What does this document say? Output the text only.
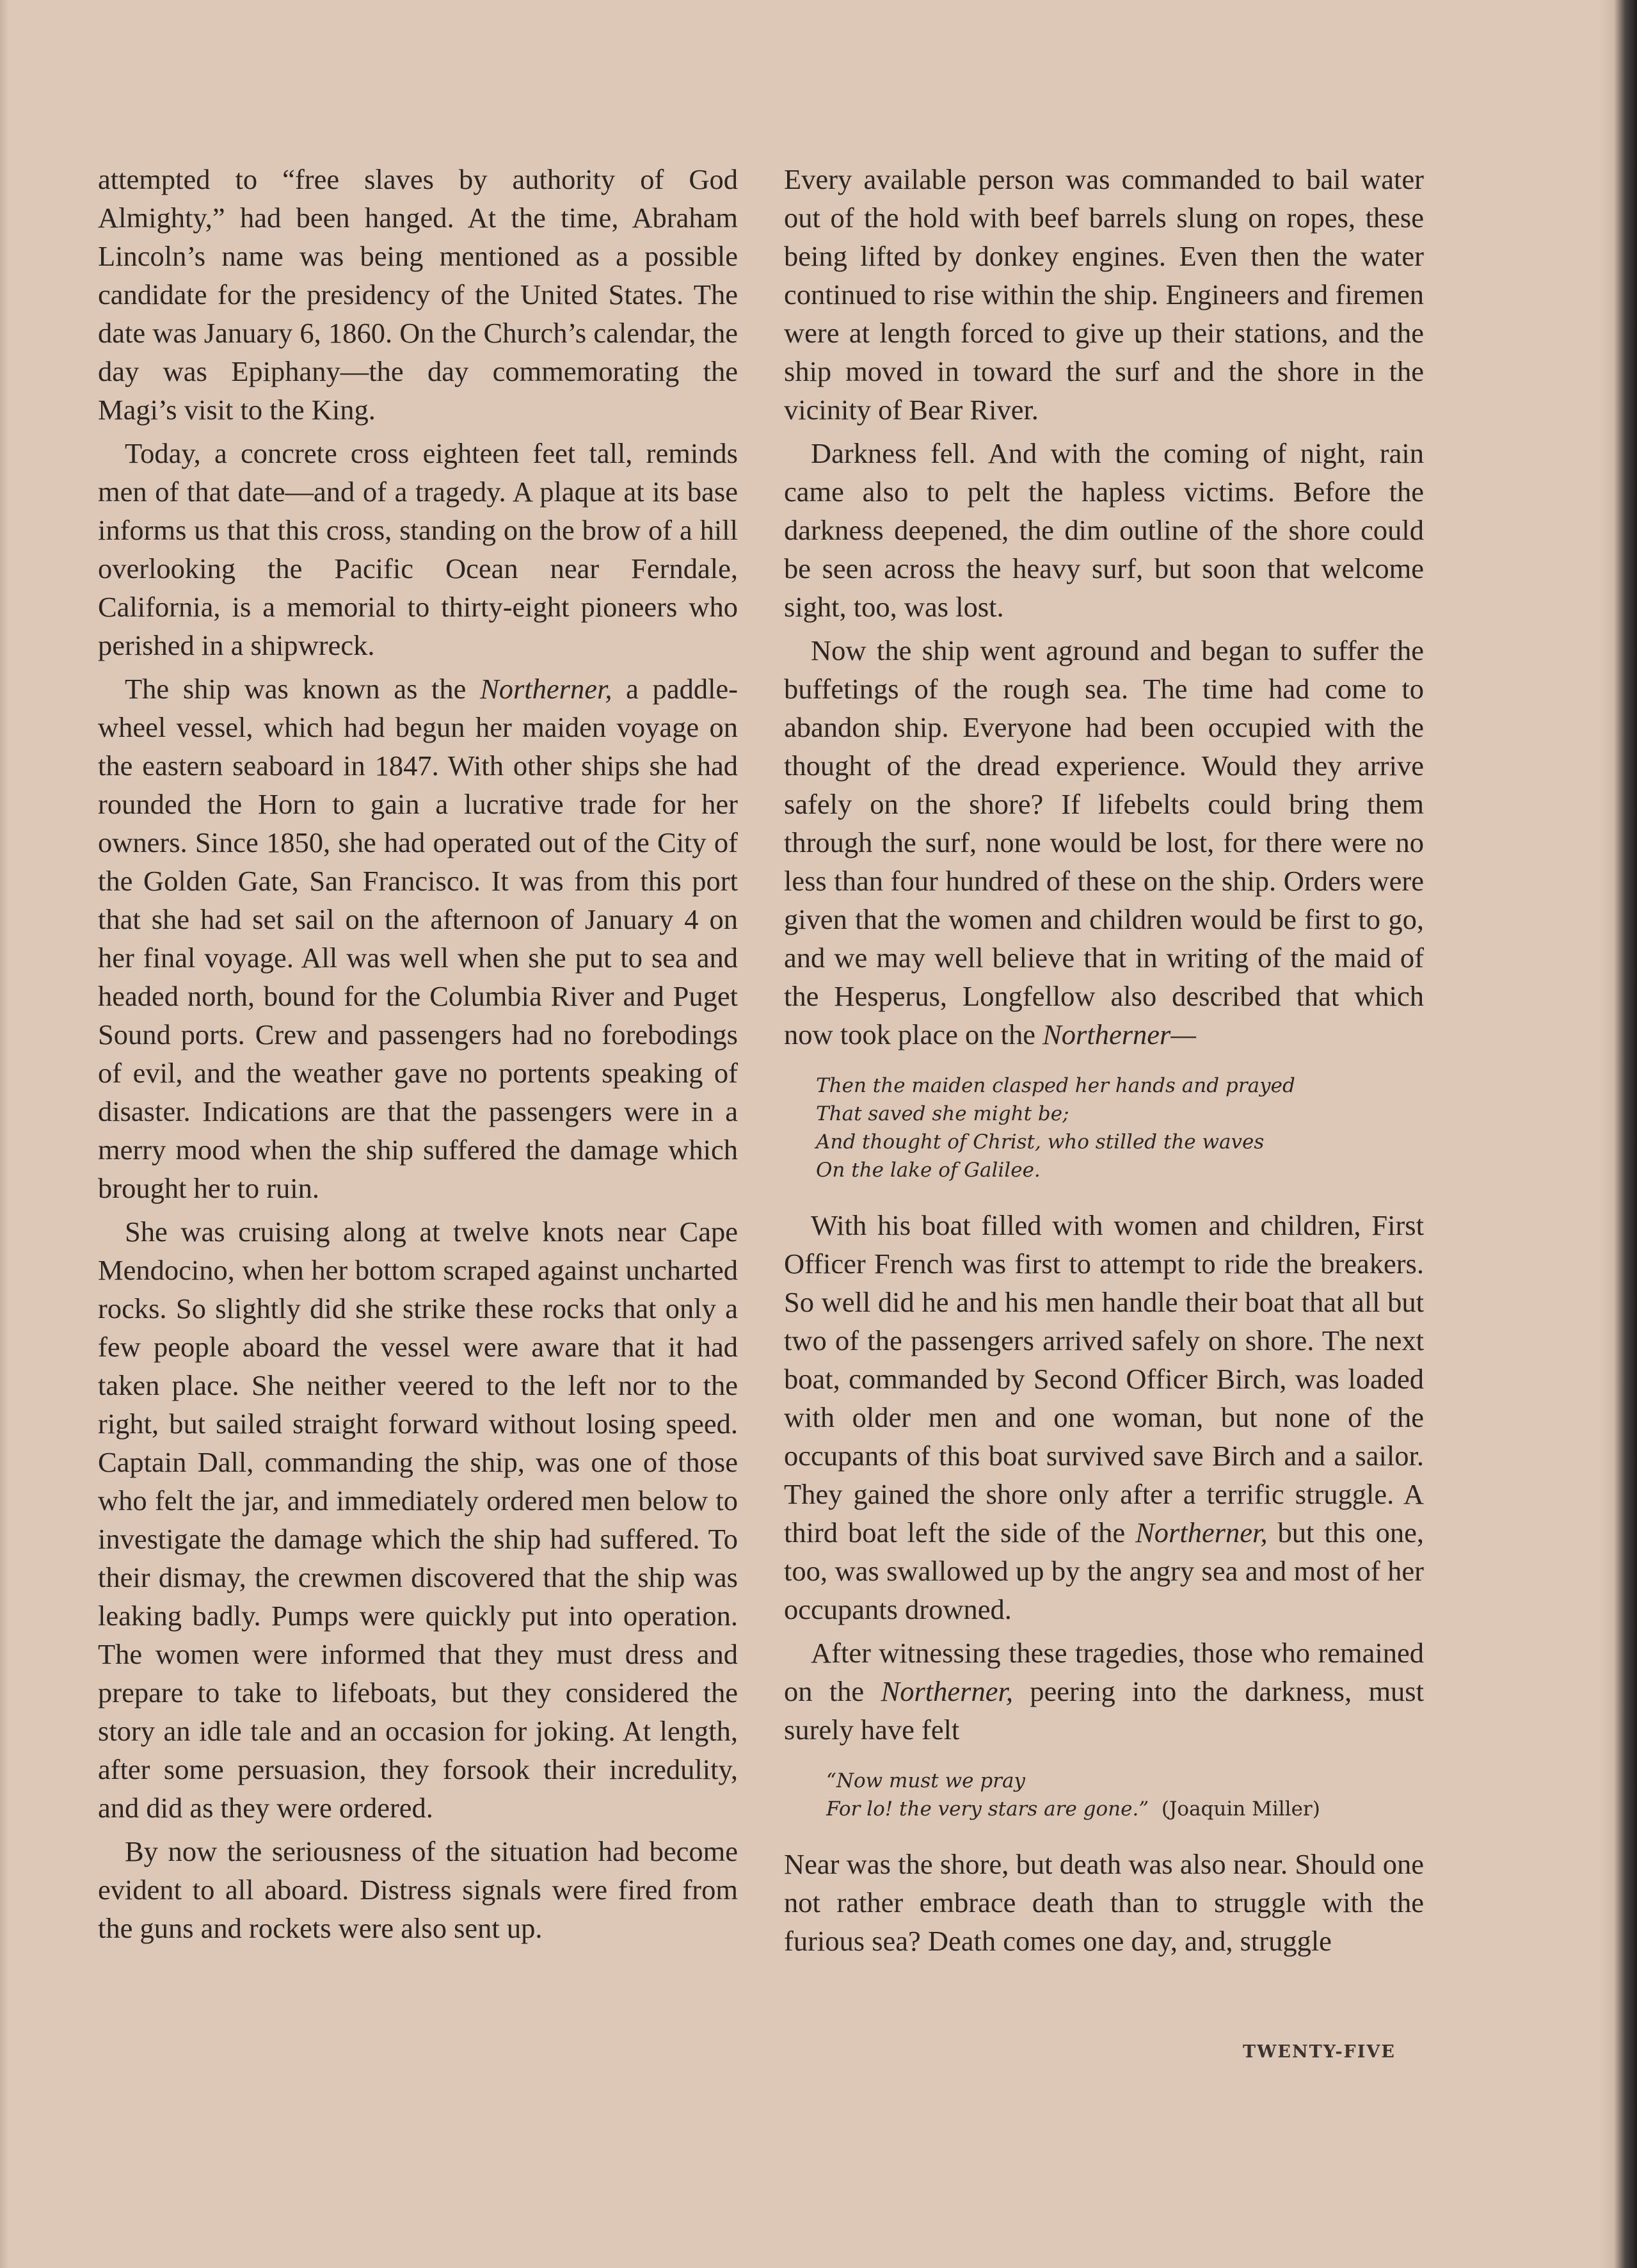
attempted to “free slaves by authority of God Almighty,” had been hanged. At the time, Abraham Lincoln’s name was being mentioned as a possible candidate for the presidency of the United States. The date was January 6, 1860. On the Church’s calendar, the day was Epiphany—the day commemorating the Magi’s visit to the King.

Today, a concrete cross eighteen feet tall, reminds men of that date—and of a tragedy. A plaque at its base informs us that this cross, standing on the brow of a hill overlooking the Pacific Ocean near Ferndale, California, is a memorial to thirty-eight pioneers who perished in a shipwreck.

The ship was known as the Northerner, a paddle-wheel vessel, which had begun her maiden voyage on the eastern seaboard in 1847. With other ships she had rounded the Horn to gain a lucrative trade for her owners. Since 1850, she had operated out of the City of the Golden Gate, San Francisco. It was from this port that she had set sail on the afternoon of January 4 on her final voyage. All was well when she put to sea and headed north, bound for the Columbia River and Puget Sound ports. Crew and passengers had no forebodings of evil, and the weather gave no portents speaking of disaster. Indications are that the passengers were in a merry mood when the ship suffered the damage which brought her to ruin.

She was cruising along at twelve knots near Cape Mendocino, when her bottom scraped against uncharted rocks. So slightly did she strike these rocks that only a few people aboard the vessel were aware that it had taken place. She neither veered to the left nor to the right, but sailed straight forward without losing speed. Captain Dall, commanding the ship, was one of those who felt the jar, and immediately ordered men below to investigate the damage which the ship had suffered. To their dismay, the crewmen discovered that the ship was leaking badly. Pumps were quickly put into operation. The women were informed that they must dress and prepare to take to lifeboats, but they considered the story an idle tale and an occasion for joking. At length, after some persuasion, they forsook their incredulity, and did as they were ordered.

By now the seriousness of the situation had become evident to all aboard. Distress signals were fired from the guns and rockets were also sent up.

Every available person was commanded to bail water out of the hold with beef barrels slung on ropes, these being lifted by donkey engines. Even then the water continued to rise within the ship. Engineers and firemen were at length forced to give up their stations, and the ship moved in toward the surf and the shore in the vicinity of Bear River.

Darkness fell. And with the coming of night, rain came also to pelt the hapless victims. Before the darkness deepened, the dim outline of the shore could be seen across the heavy surf, but soon that welcome sight, too, was lost.

Now the ship went aground and began to suffer the buffetings of the rough sea. The time had come to abandon ship. Everyone had been occupied with the thought of the dread experience. Would they arrive safely on the shore? If lifebelts could bring them through the surf, none would be lost, for there were no less than four hundred of these on the ship. Orders were given that the women and children would be first to go, and we may well believe that in writing of the maid of the Hesperus, Longfellow also described that which now took place on the Northerner—

Then the maiden clasped her hands and prayed
That saved she might be;
And thought of Christ, who stilled the waves
On the lake of Galilee.

With his boat filled with women and children, First Officer French was first to attempt to ride the breakers. So well did he and his men handle their boat that all but two of the passengers arrived safely on shore. The next boat, commanded by Second Officer Birch, was loaded with older men and one woman, but none of the occupants of this boat survived save Birch and a sailor. They gained the shore only after a terrific struggle. A third boat left the side of the Northerner, but this one, too, was swallowed up by the angry sea and most of her occupants drowned.

After witnessing these tragedies, those who remained on the Northerner, peering into the darkness, must surely have felt

“Now must we pray
For lo! the very stars are gone.” (Joaquin Miller)

Near was the shore, but death was also near. Should one not rather embrace death than to struggle with the furious sea? Death comes one day, and, struggle

TWENTY-FIVE
